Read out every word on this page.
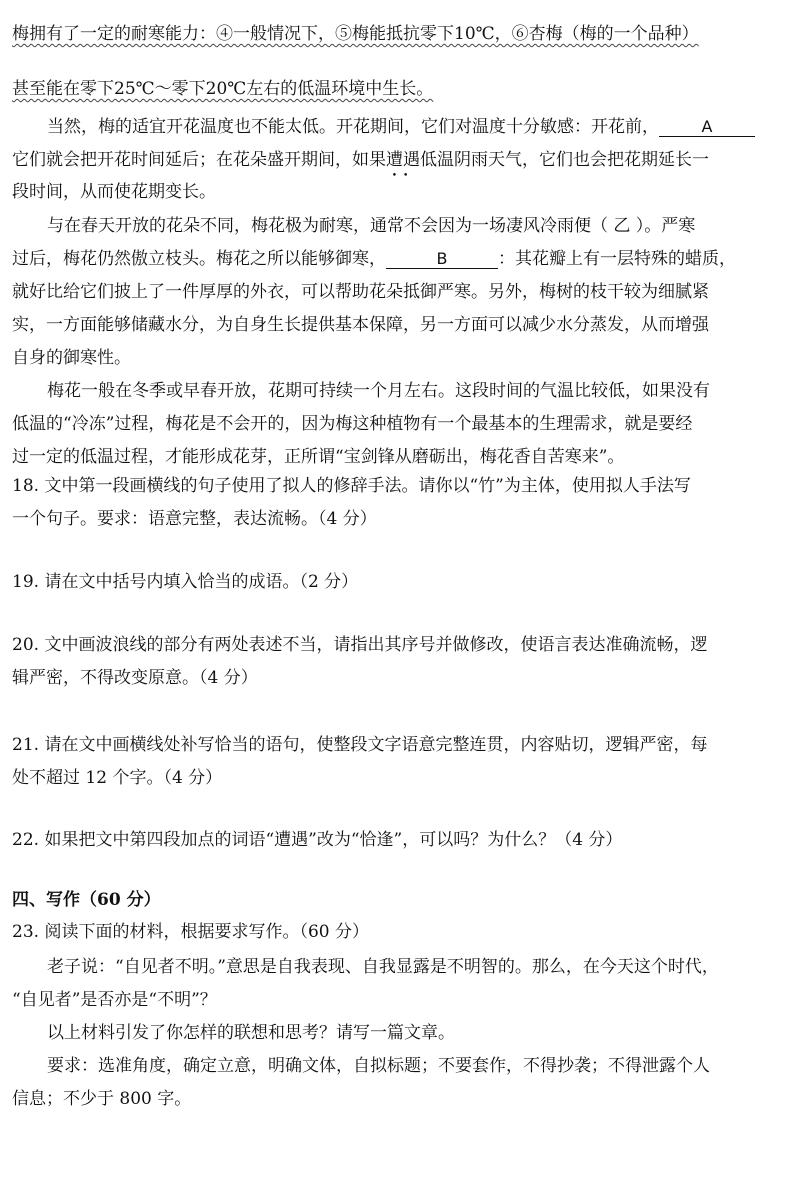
梅拥有了一定的耐寒能力：④一般情况下，⑤梅能抵抗零下10℃，⑥杏梅（梅的一个品种）
甚至能在零下25℃～零下20℃左右的低温环境中生长。
当然，梅的适宜开花温度也不能太低。开花期间，它们对温度十分敏感：开花前，	A
它们就会把开花时间延后；在花朵盛开期间，如果遭遇 ••低温阴雨天气，它们也会把花期延长一
段时间，从而使花期变长。
与在春天开放的花朵不同，梅花极为耐寒，通常不会因为一场凄风冷雨便（ 乙 ）。严寒
过后，梅花仍然傲立枝头。梅花之所以能够御寒，	B	：其花瓣上有一层特殊的蜡质，
就好比给它们披上了一件厚厚的外衣，可以帮助花朵抵御严寒。另外，梅树的枝干较为细腻紧
实，一方面能够储藏水分，为自身生长提供基本保障，另一方面可以减少水分蒸发，从而增强
自身的御寒性。
梅花一般在冬季或早春开放，花期可持续一个月左右。这段时间的气温比较低，如果没有
低温的“冷冻”过程，梅花是不会开的，因为梅这种植物有一个最基本的生理需求，就是要经
过一定的低温过程，才能形成花芽，正所谓“宝剑锋从磨砺出，梅花香自苦寒来”。
18. 文中第一段画横线的句子使用了拟人的修辞手法。请你以“竹”为主体，使用拟人手法写
一个句子。要求：语意完整，表达流畅。（4 分）
19. 请在文中括号内填入恰当的成语。（2 分）
20. 文中画波浪线的部分有两处表述不当，请指出其序号并做修改，使语言表达准确流畅，逻
辑严密，不得改变原意。（4 分）
21. 请在文中画横线处补写恰当的语句，使整段文字语意完整连贯，内容贴切，逻辑严密，每
处不超过 12 个字。（4 分）
22. 如果把文中第四段加点的词语“遭遇”改为“恰逢”，可以吗？为什么？（4 分）
四、写作（60 分）
23. 阅读下面的材料，根据要求写作。（60 分）
老子说：“自见者不明。”意思是自我表现、自我显露是不明智的。那么，在今天这个时代，
“自见者”是否亦是“不明”？
以上材料引发了你怎样的联想和思考？请写一篇文章。
要求：选准角度，确定立意，明确文体，自拟标题；不要套作，不得抄袭；不得泄露个人
信息；不少于 800 字。
